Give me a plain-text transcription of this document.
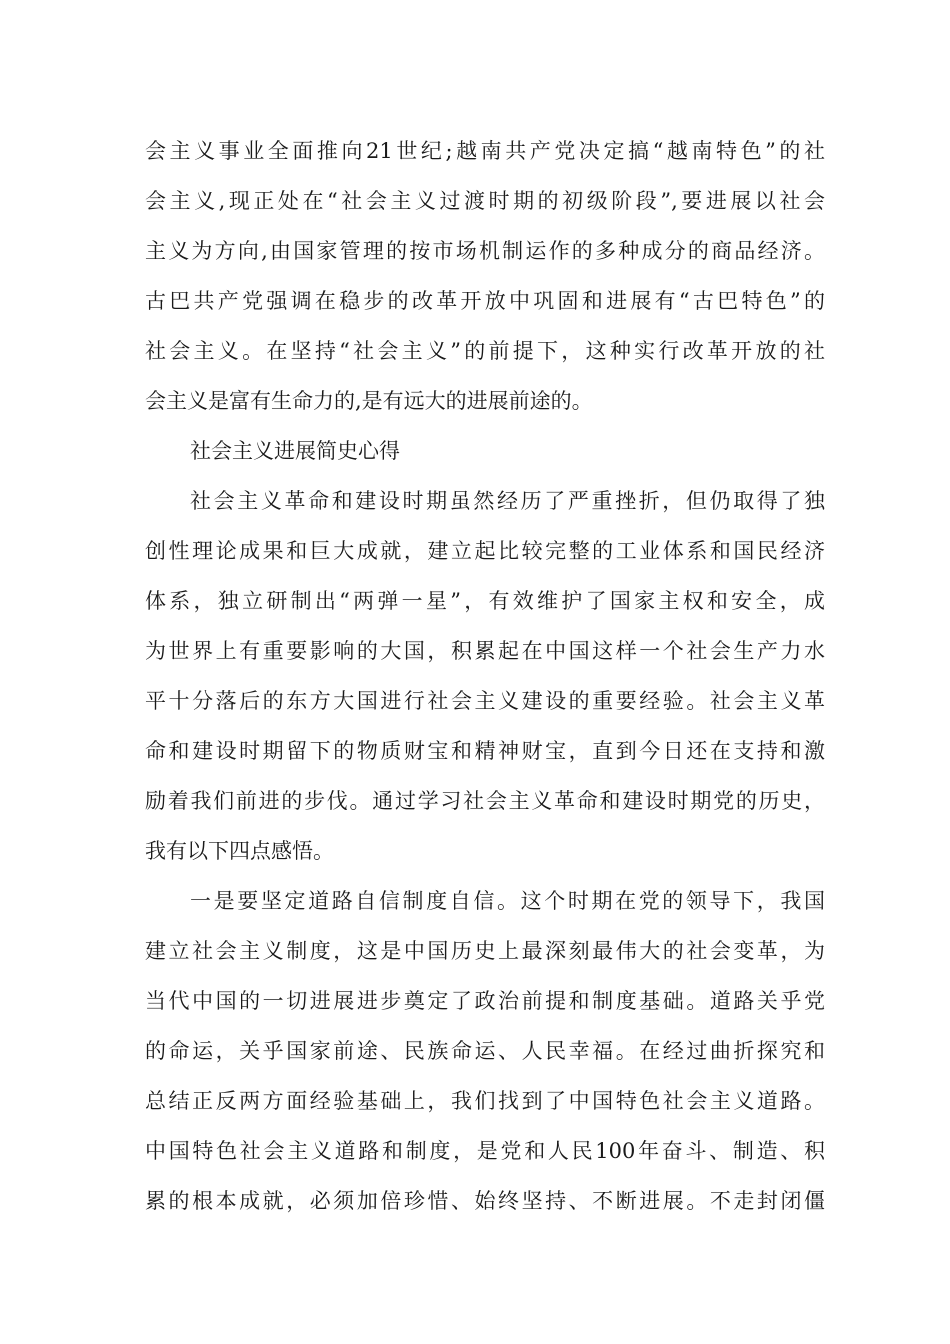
会主义事业全面推向21世纪;越南共产党决定搞“越南特色”的社
会主义,现正处在“社会主义过渡时期的初级阶段”,要进展以社会
主义为方向,由国家管理的按市场机制运作的多种成分的商品经济。
古巴共产党强调在稳步的改革开放中巩固和进展有“古巴特色”的
社会主义。在坚持“社会主义”的前提下，这种实行改革开放的社
会主义是富有生命力的,是有远大的进展前途的。
社会主义进展简史心得
社会主义革命和建设时期虽然经历了严重挫折，但仍取得了独
创性理论成果和巨大成就，建立起比较完整的工业体系和国民经济
体系，独立研制出“两弹一星”，有效维护了国家主权和安全，成
为世界上有重要影响的大国，积累起在中国这样一个社会生产力水
平十分落后的东方大国进行社会主义建设的重要经验。社会主义革
命和建设时期留下的物质财宝和精神财宝，直到今日还在支持和激
励着我们前进的步伐。通过学习社会主义革命和建设时期党的历史，
我有以下四点感悟。
一是要坚定道路自信制度自信。这个时期在党的领导下，我国
建立社会主义制度，这是中国历史上最深刻最伟大的社会变革，为
当代中国的一切进展进步奠定了政治前提和制度基础。道路关乎党
的命运，关乎国家前途、民族命运、人民幸福。在经过曲折探究和
总结正反两方面经验基础上，我们找到了中国特色社会主义道路。
中国特色社会主义道路和制度，是党和人民100年奋斗、制造、积
累的根本成就，必须加倍珍惜、始终坚持、不断进展。不走封闭僵
